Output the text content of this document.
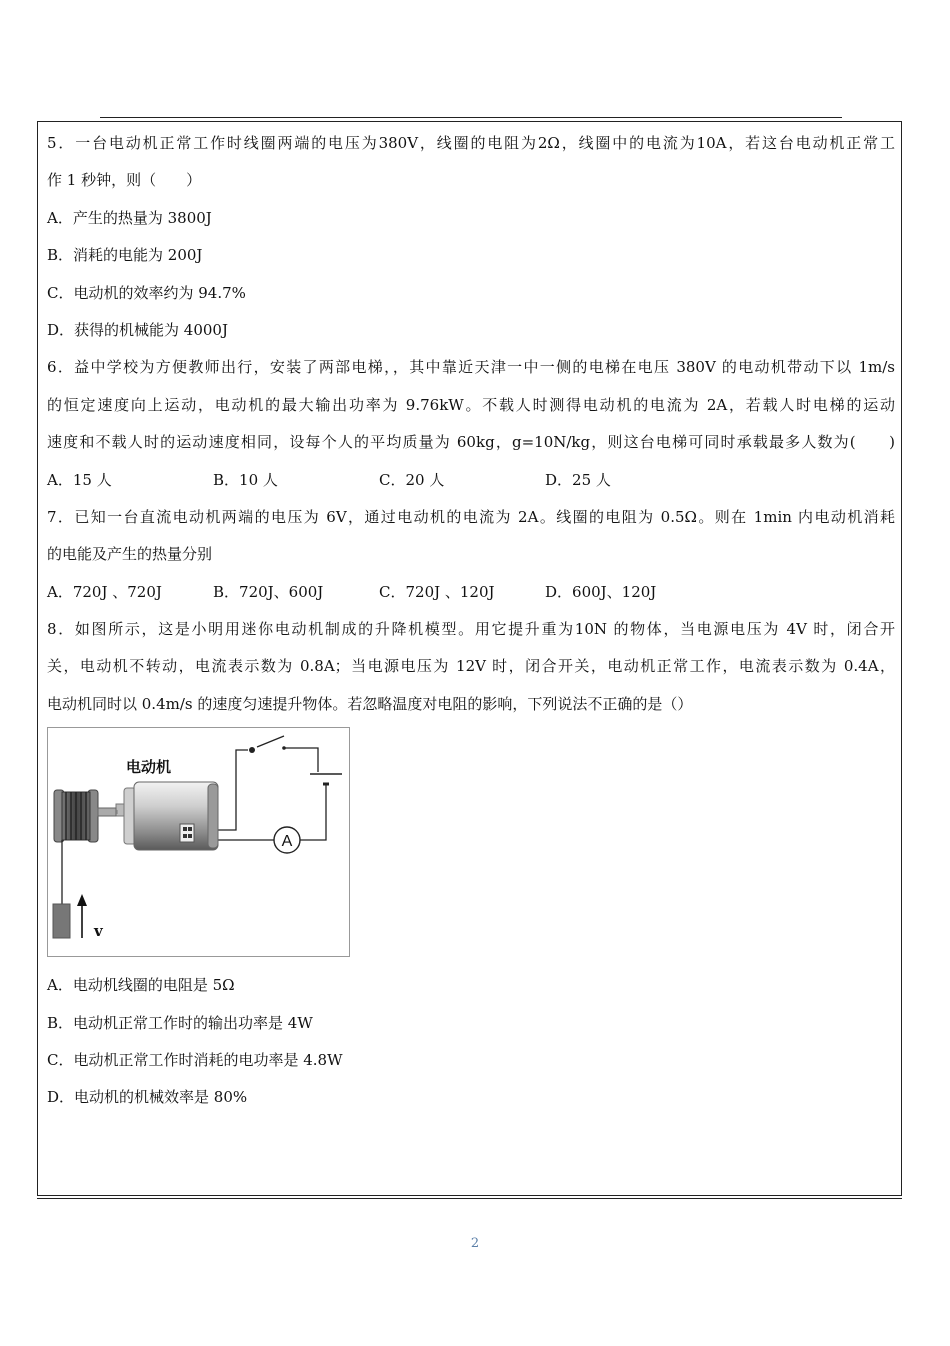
5．一台电动机正常工作时线圈两端的电压为380V，线圈的电阻为2Ω，线圈中的电流为10A，若这台电动机正常工
作 1 秒钟，则（　　）
A．产生的热量为 3800J
B．消耗的电能为 200J
C．电动机的效率约为 94.7%
D．获得的机械能为 4000J
6．益中学校为方便教师出行，安装了两部电梯，，其中靠近天津一中一侧的电梯在电压 380V 的电动机带动下以 1m/s
的恒定速度向上运动，电动机的最大输出功率为 9.76kW。不载人时测得电动机的电流为 2A，若载人时电梯的运动
速度和不载人时的运动速度相同，设每个人的平均质量为 60kg，g=10N/kg，则这台电梯可同时承载最多人数为(　　)
A．15 人	B．10 人	C．20 人	D．25 人
7．已知一台直流电动机两端的电压为 6V，通过电动机的电流为 2A。线圈的电阻为 0.5Ω。则在 1min 内电动机消耗
的电能及产生的热量分别
A．720J 、720J	B．720J、600J	C．720J 、120J	D．600J、120J
8．如图所示，这是小明用迷你电动机制成的升降机模型。用它提升重为10N 的物体，当电源电压为 4V 时，闭合开
关，电动机不转动，电流表示数为 0.8A；当电源电压为 12V 时，闭合开关，电动机正常工作，电流表示数为 0.4A，
电动机同时以 0.4m/s 的速度匀速提升物体。若忽略温度对电阻的影响，下列说法不正确的是（）
A
电动机
v
A．电动机线圈的电阻是 5Ω
B．电动机正常工作时的输出功率是 4W
C．电动机正常工作时消耗的电功率是 4.8W
D．电动机的机械效率是 80%
2
